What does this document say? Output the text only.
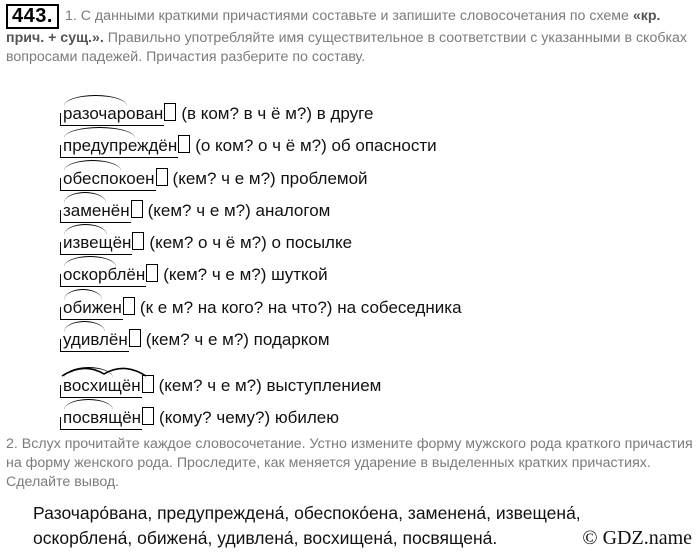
443. 1. С данными краткими причастиями составьте и запишите словосочетания по схеме «кр. прич. + сущ.». Правильно употребляйте имя существительное в соответствии с указанными в скобках вопросами падежей. Причастия разберите по составу.
разочарован (в ком? в ч ё м?) в друге
предупреждён (о ком? о ч ё м?) об опасности
обеспокоен (кем? ч е м?) проблемой
заменён (кем? ч е м?) аналогом
извещён (кем? о ч ё м?) о посылке
оскорблён (кем? ч е м?) шуткой
обижен (к е м? на кого? на что?) на собеседника
удивлён (кем? ч е м?) подарком
восхищён (кем? ч е м?) выступлением
посвящён (кому? чему?) юбилею
2. Вслух прочитайте каждое словосочетание. Устно измените форму мужского рода краткого причастия на форму женского рода. Проследите, как меняется ударение в выделенных кратких причастиях. Сделайте вывод.
Разочаро́вана, предупреждена́, обеспоко́ена, заменена́, извещена́,
оскорблена́, обижена́, удивлена́, восхищена́, посвящена́.	© GDZ.name
